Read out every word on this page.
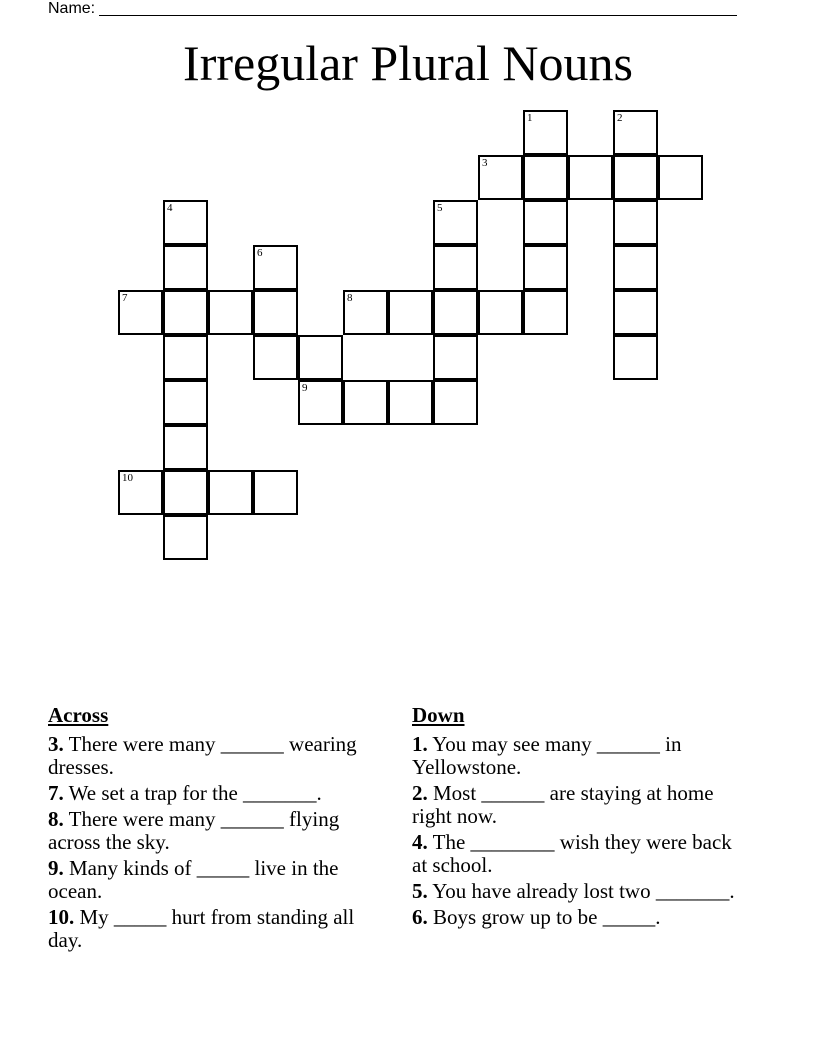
Name:
Irregular Plural Nouns
1	2
3
4	5
6
7	8
9
10
Across
3. There were many ______ wearing dresses.
7. We set a trap for the _______.
8. There were many ______ flying across the sky.
9. Many kinds of _____ live in the ocean.
10. My _____ hurt from standing all day.
Down
1. You may see many ______ in Yellowstone.
2. Most ______ are staying at home right now.
4. The ________ wish they were back at school.
5. You have already lost two _______.
6. Boys grow up to be _____.
